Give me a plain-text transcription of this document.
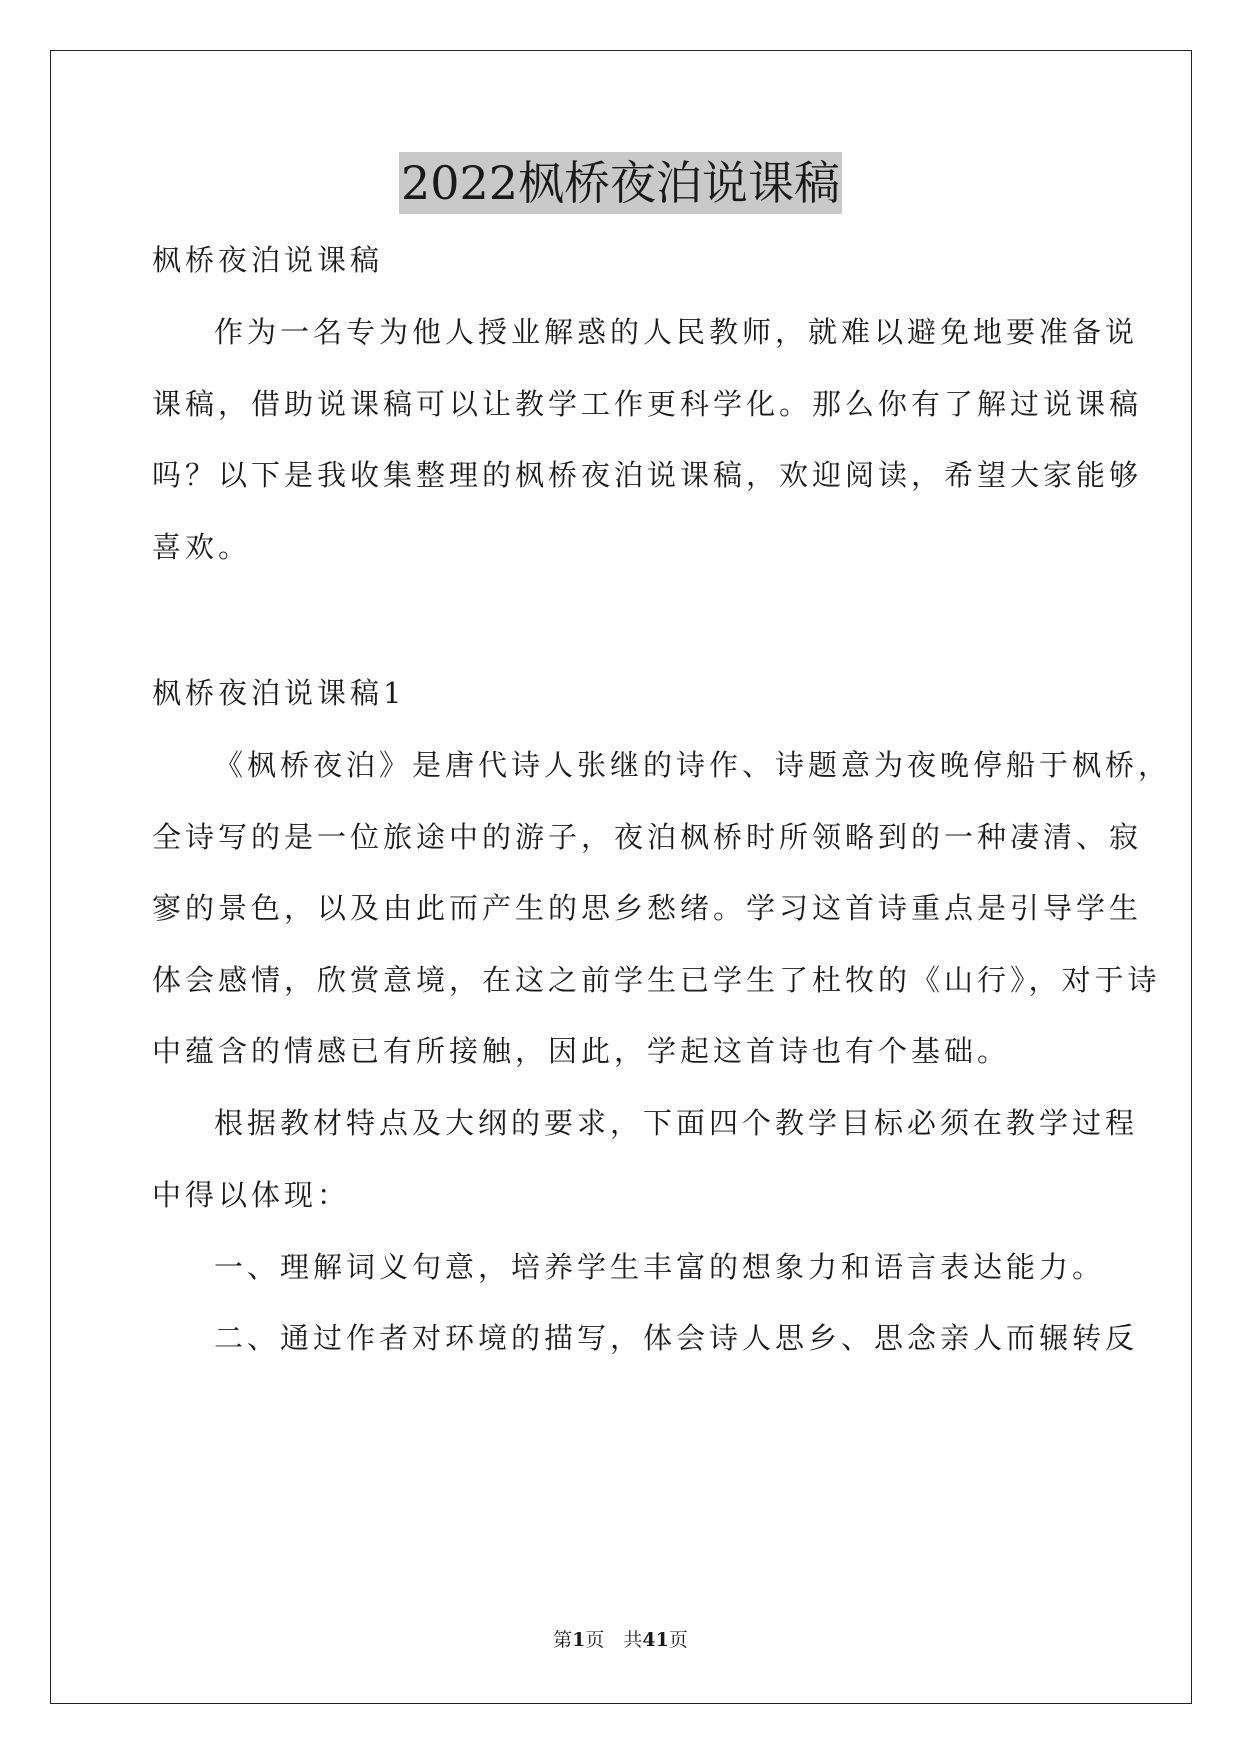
2022枫桥夜泊说课稿
枫桥夜泊说课稿
作为一名专为他人授业解惑的人民教师，就难以避免地要准备说
课稿，借助说课稿可以让教学工作更科学化。那么你有了解过说课稿
吗？以下是我收集整理的枫桥夜泊说课稿，欢迎阅读，希望大家能够
喜欢。
枫桥夜泊说课稿1
《枫桥夜泊》是唐代诗人张继的诗作、诗题意为夜晚停船于枫桥，
全诗写的是一位旅途中的游子，夜泊枫桥时所领略到的一种凄清、寂
寥的景色，以及由此而产生的思乡愁绪。学习这首诗重点是引导学生
体会感情，欣赏意境，在这之前学生已学生了杜牧的《山行》，对于诗
中蕴含的情感已有所接触，因此，学起这首诗也有个基础。
根据教材特点及大纲的要求，下面四个教学目标必须在教学过程
中得以体现：
一、理解词义句意，培养学生丰富的想象力和语言表达能力。
二、通过作者对环境的描写，体会诗人思乡、思念亲人而辗转反
第1页　共41页
